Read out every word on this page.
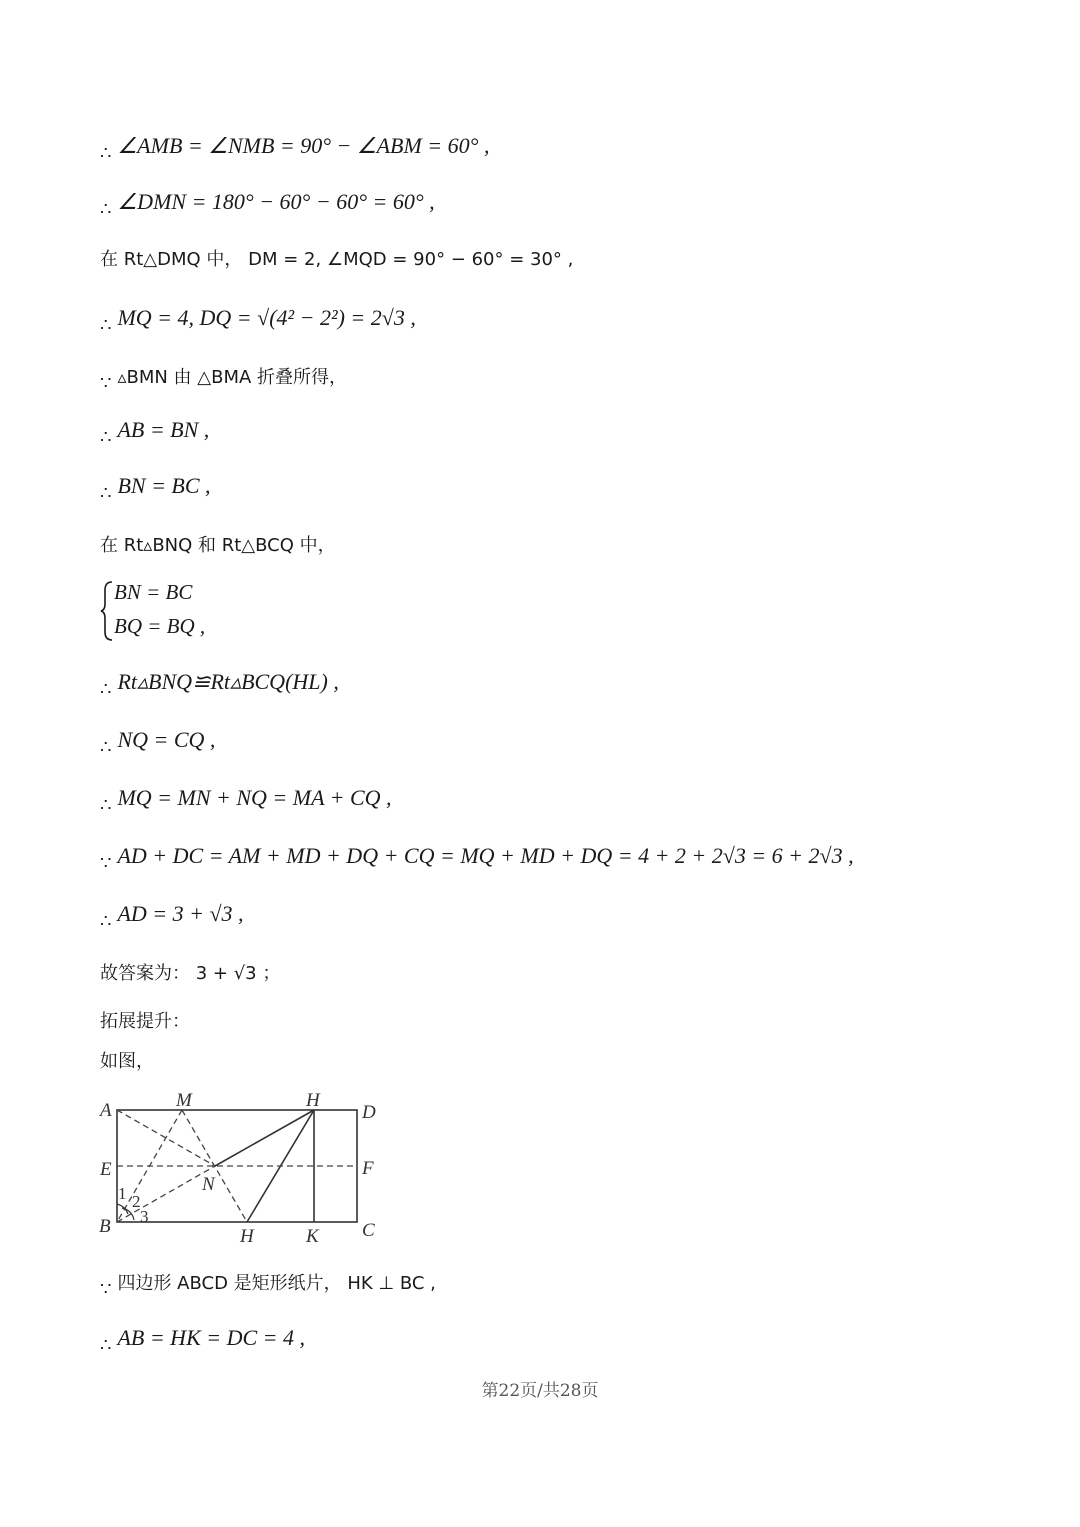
∴ ∠AMB = ∠NMB = 90° − ∠ABM = 60° ,
∴ ∠DMN = 180° − 60° − 60° = 60° ,
在 Rt△DMQ 中， DM = 2, ∠MQD = 90° − 60° = 30° ,
∴ MQ = 4, DQ = √(4² − 2²) = 2√3 ,
∵ ▵BMN 由 △BMA 折叠所得，
∴ AB = BN ,
∴ BN = BC ,
在 Rt▵BNQ 和 Rt△BCQ 中，
BN = BC
BQ = BQ ,
∴ Rt▵BNQ≌Rt▵BCQ(HL) ,
∴ NQ = CQ ,
∴ MQ = MN + NQ = MA + CQ ,
∵ AD + DC = AM + MD + DQ + CQ = MQ + MD + DQ = 4 + 2 + 2√3 = 6 + 2√3 ,
∴ AD = 3 + √3 ,
故答案为： 3 + √3 ；
拓展提升：
如图，
A	M	H
D
E
N
F
1 2
3
B	H	K C
∵ 四边形 ABCD 是矩形纸片， HK ⊥ BC ,
∴ AB = HK = DC = 4 ,
第22页/共28页
